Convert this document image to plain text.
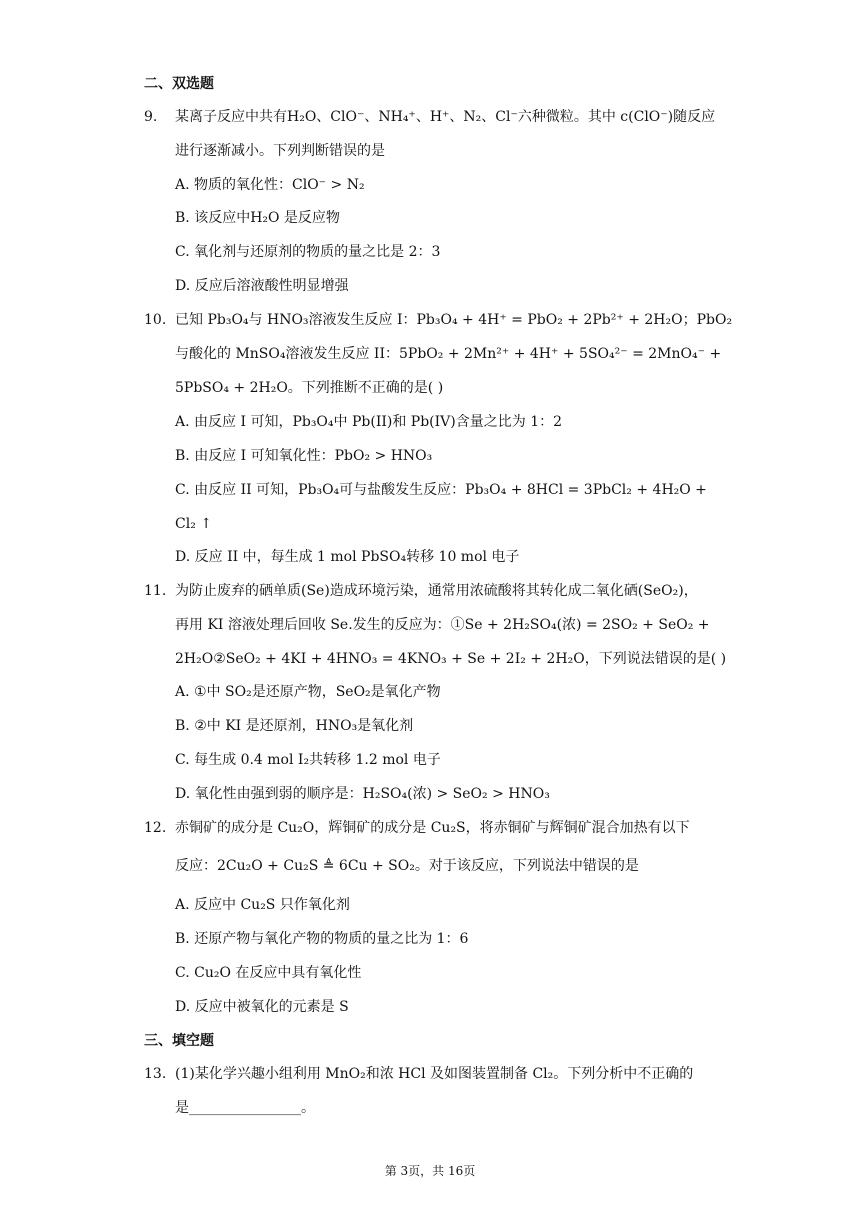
二、双选题
9. 某离子反应中共有H₂O、ClO⁻、NH₄⁺、H⁺、N₂、Cl⁻六种微粒。其中 c(ClO⁻)随反应
进行逐渐减小。下列判断错误的是
A. 物质的氧化性：ClO⁻ > N₂
B. 该反应中H₂O 是反应物
C. 氧化剂与还原剂的物质的量之比是 2：3
D. 反应后溶液酸性明显增强
10. 已知 Pb₃O₄与 HNO₃溶液发生反应 I：Pb₃O₄ + 4H⁺ = PbO₂ + 2Pb²⁺ + 2H₂O；PbO₂
与酸化的 MnSO₄溶液发生反应 II：5PbO₂ + 2Mn²⁺ + 4H⁺ + 5SO₄²⁻ = 2MnO₄⁻ +
5PbSO₄ + 2H₂O。下列推断不正确的是( )
A. 由反应 I 可知，Pb₃O₄中 Pb(II)和 Pb(IV)含量之比为 1：2
B. 由反应 I 可知氧化性：PbO₂ > HNO₃
C. 由反应 II 可知，Pb₃O₄可与盐酸发生反应：Pb₃O₄ + 8HCl = 3PbCl₂ + 4H₂O +
Cl₂ ↑
D. 反应 II 中，每生成 1 mol PbSO₄转移 10 mol 电子
11. 为防止废弃的硒单质(Se)造成环境污染，通常用浓硫酸将其转化成二氧化硒(SeO₂)，
再用 KI 溶液处理后回收 Se.发生的反应为：①Se + 2H₂SO₄(浓) = 2SO₂ + SeO₂ +
2H₂O②SeO₂ + 4KI + 4HNO₃ = 4KNO₃ + Se + 2I₂ + 2H₂O，下列说法错误的是( )
A. ①中 SO₂是还原产物，SeO₂是氧化产物
B. ②中 KI 是还原剂，HNO₃是氧化剂
C. 每生成 0.4 mol I₂共转移 1.2 mol 电子
D. 氧化性由强到弱的顺序是：H₂SO₄(浓) > SeO₂ > HNO₃
12. 赤铜矿的成分是 Cu₂O，辉铜矿的成分是 Cu₂S，将赤铜矿与辉铜矿混合加热有以下
反应：2Cu₂O + Cu₂S ≜ 6Cu + SO₂。对于该反应，下列说法中错误的是
A. 反应中 Cu₂S 只作氧化剂
B. 还原产物与氧化产物的物质的量之比为 1：6
C. Cu₂O 在反应中具有氧化性
D. 反应中被氧化的元素是 S
三、填空题
13. (1)某化学兴趣小组利用 MnO₂和浓 HCl 及如图装置制备 Cl₂。下列分析中不正确的
是________________。
第 3页，共 16页
